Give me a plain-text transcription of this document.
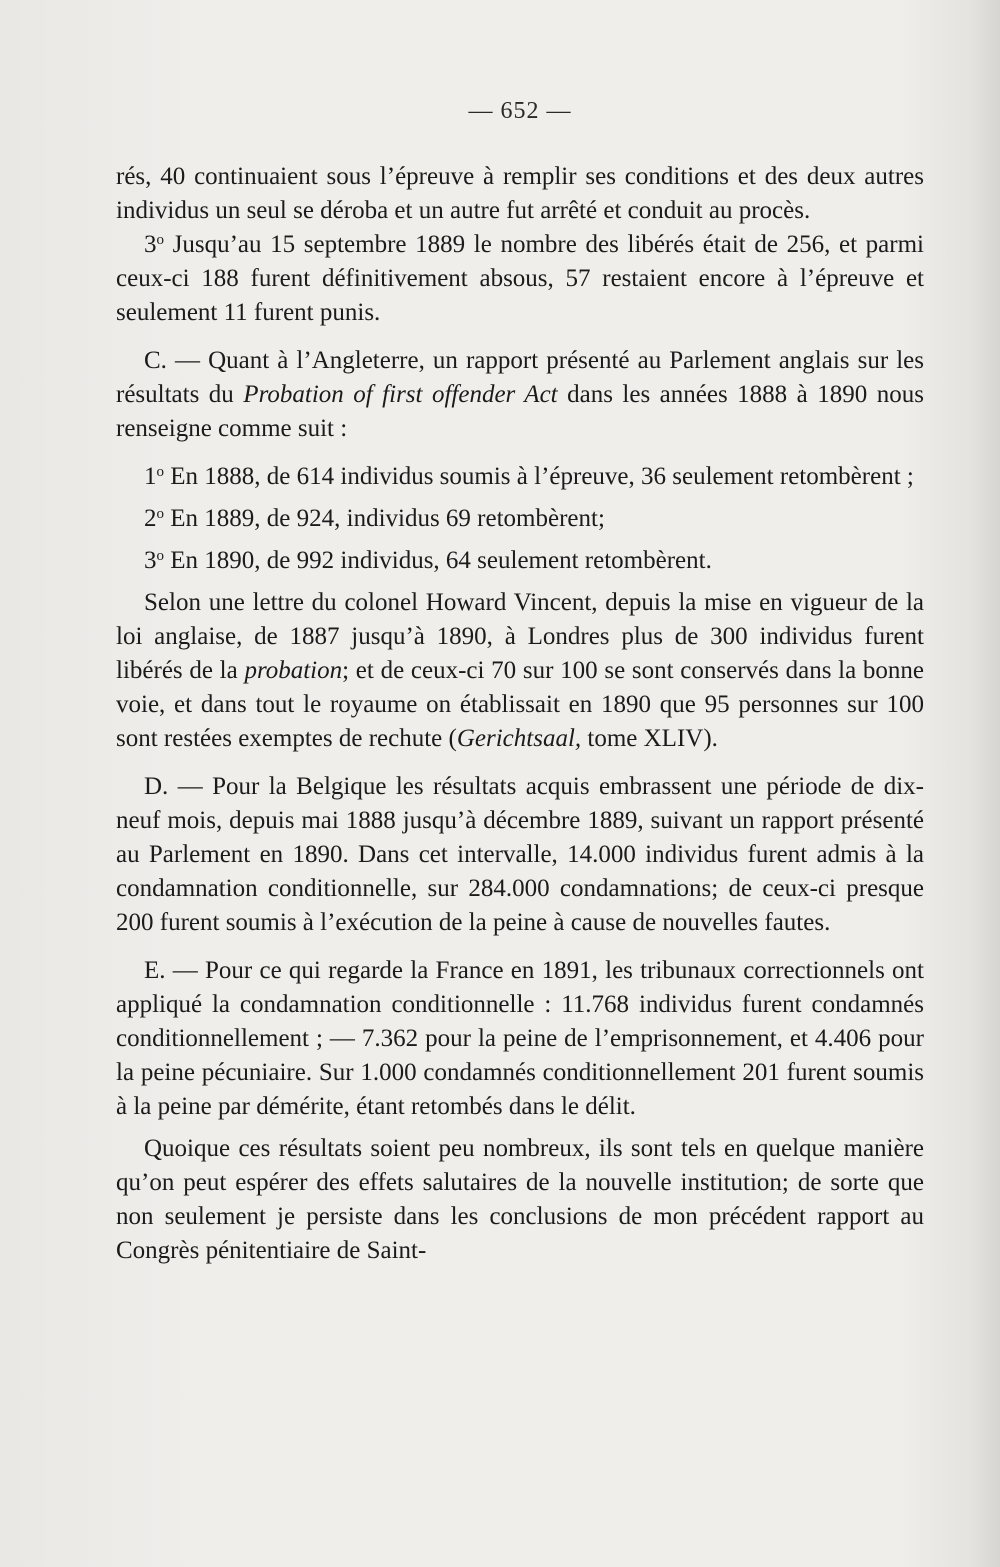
— 652 —

rés, 40 continuaient sous l’épreuve à remplir ses conditions et des deux autres individus un seul se déroba et un autre fut arrêté et conduit au procès.

3$^o$ Jusqu’au 15 septembre 1889 le nombre des libérés était de 256, et parmi ceux-ci 188 furent définitivement absous, 57 restaient encore à l’épreuve et seulement 11 furent punis.

C. — Quant à l’Angleterre, un rapport présenté au Parlement anglais sur les résultats du Probation of first offender Act dans les années 1888 à 1890 nous renseigne comme suit :

1$^o$ En 1888, de 614 individus soumis à l’épreuve, 36 seulement retombèrent ;

2$^o$ En 1889, de 924, individus 69 retombèrent;

3$^o$ En 1890, de 992 individus, 64 seulement retombèrent.

Selon une lettre du colonel Howard Vincent, depuis la mise en vigueur de la loi anglaise, de 1887 jusqu’à 1890, à Londres plus de 300 individus furent libérés de la probation; et de ceux-ci 70 sur 100 se sont conservés dans la bonne voie, et dans tout le royaume on établissait en 1890 que 95 personnes sur 100 sont restées exemptes de rechute (Gerichtsaal, tome XLIV).

D. — Pour la Belgique les résultats acquis embrassent une période de dix-neuf mois, depuis mai 1888 jusqu’à décembre 1889, suivant un rapport présenté au Parlement en 1890. Dans cet intervalle, 14.000 individus furent admis à la condamnation conditionnelle, sur 284.000 condamnations; de ceux-ci presque 200 furent soumis à l’exécution de la peine à cause de nouvelles fautes.

E. — Pour ce qui regarde la France en 1891, les tribunaux correctionnels ont appliqué la condamnation conditionnelle : 11.768 individus furent condamnés conditionnellement ; — 7.362 pour la peine de l’emprisonnement, et 4.406 pour la peine pécuniaire. Sur 1.000 condamnés conditionnellement 201 furent soumis à la peine par démérite, étant retombés dans le délit.

Quoique ces résultats soient peu nombreux, ils sont tels en quelque manière qu’on peut espérer des effets salutaires de la nouvelle institution; de sorte que non seulement je persiste dans les conclusions de mon précédent rapport au Congrès pénitentiaire de Saint-
